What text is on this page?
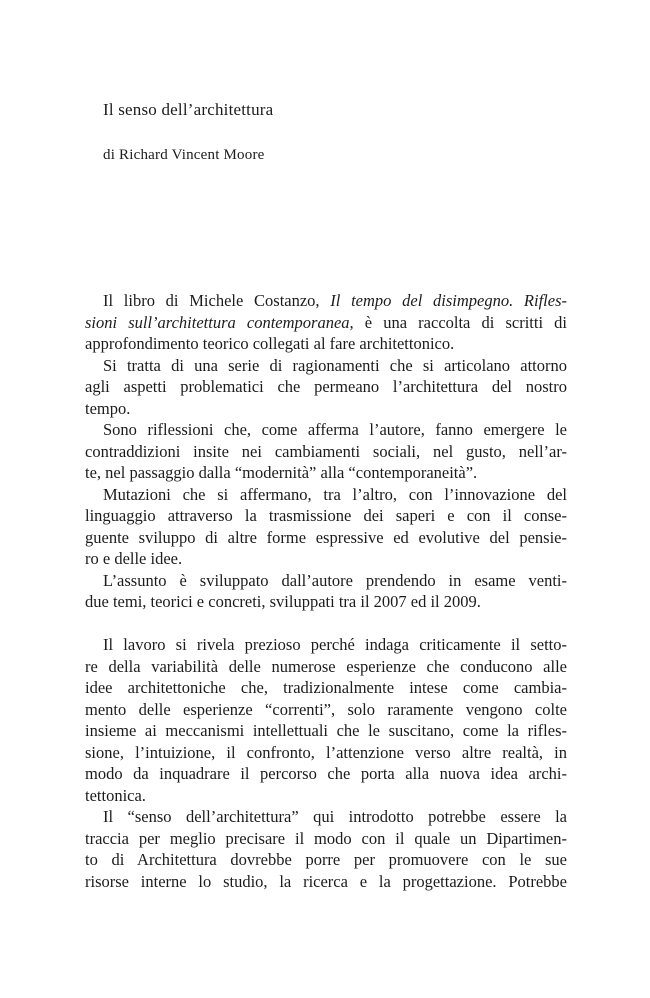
Il senso dell’architettura
di Richard Vincent Moore
Il libro di Michele Costanzo, Il tempo del disimpegno. Rifles-
sioni sull’architettura contemporanea, è una raccolta di scritti di
approfondimento teorico collegati al fare architettonico.
Si tratta di una serie di ragionamenti che si articolano attorno
agli aspetti problematici che permeano l’architettura del nostro
tempo.
Sono riflessioni che, come afferma l’autore, fanno emergere le
contraddizioni insite nei cambiamenti sociali, nel gusto, nell’ar-
te, nel passaggio dalla “modernità” alla “contemporaneità”.
Mutazioni che si affermano, tra l’altro, con l’innovazione del
linguaggio attraverso la trasmissione dei saperi e con il conse-
guente sviluppo di altre forme espressive ed evolutive del pensie-
ro e delle idee.
L’assunto è sviluppato dall’autore prendendo in esame venti-
due temi, teorici e concreti, sviluppati tra il 2007 ed il 2009.
Il lavoro si rivela prezioso perché indaga criticamente il setto-
re della variabilità delle numerose esperienze che conducono alle
idee architettoniche che, tradizionalmente intese come cambia-
mento delle esperienze “correnti”, solo raramente vengono colte
insieme ai meccanismi intellettuali che le suscitano, come la rifles-
sione, l’intuizione, il confronto, l’attenzione verso altre realtà, in
modo da inquadrare il percorso che porta alla nuova idea archi-
tettonica.
Il “senso dell’architettura” qui introdotto potrebbe essere la
traccia per meglio precisare il modo con il quale un Dipartimen-
to di Architettura dovrebbe porre per promuovere con le sue
risorse interne lo studio, la ricerca e la progettazione. Potrebbe
